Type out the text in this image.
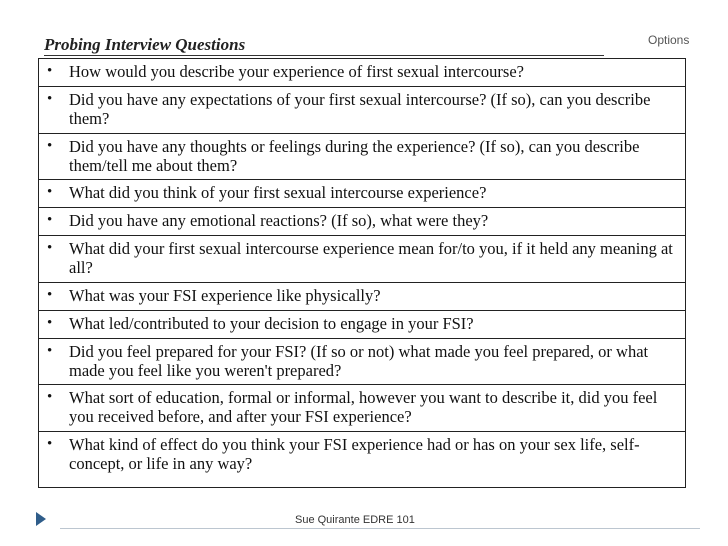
Options
Probing Interview Questions
•	How would you describe your experience of first sexual intercourse?
•	Did you have any expectations of your first sexual intercourse? (If so), can you describe them?
•	Did you have any thoughts or feelings during the experience? (If so), can you describe them/tell me about them?
•	What did you think of your first sexual intercourse experience?
•	Did you have any emotional reactions? (If so), what were they?
•	What did your first sexual intercourse experience mean for/to you, if it held any meaning at all?
•	What was your FSI experience like physically?
•	What led/contributed to your decision to engage in your FSI?
•	Did you feel prepared for your FSI? (If so or not) what made you feel prepared, or what made you feel like you weren't prepared?
•	What sort of education, formal or informal, however you want to describe it, did you feel you received before, and after your FSI experience?
•	What kind of effect do you think your FSI experience had or has on your sex life, self-concept, or life in any way?
Sue Quirante EDRE 101
